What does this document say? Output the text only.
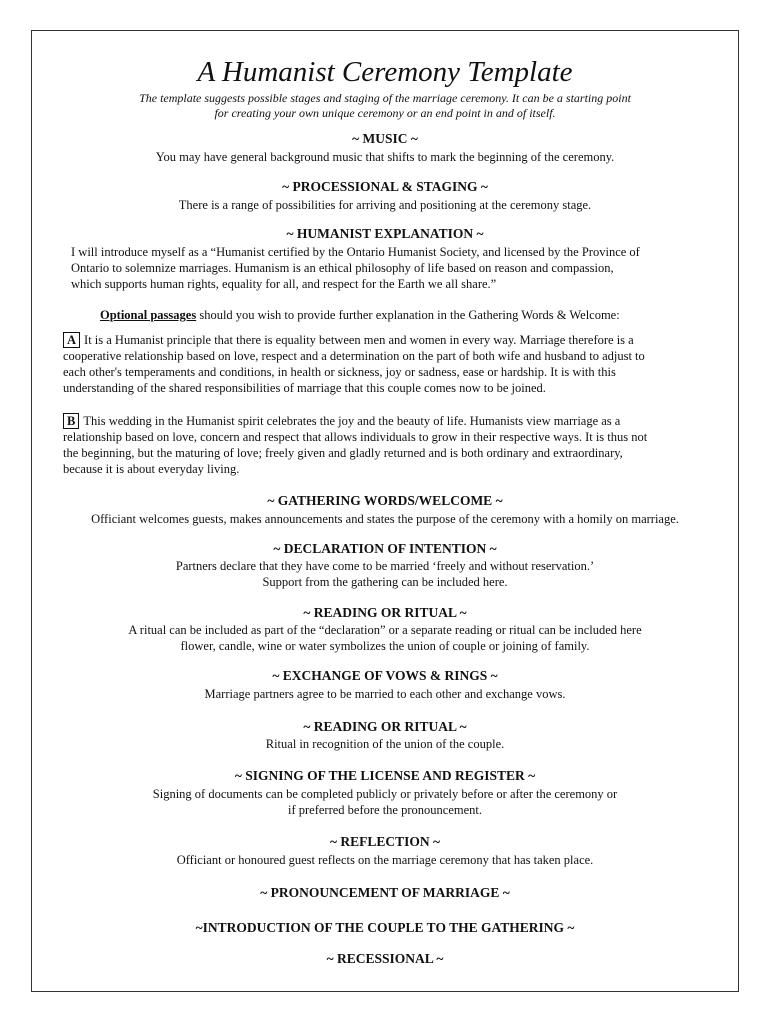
A Humanist Ceremony Template
The template suggests possible stages and staging of the marriage ceremony. It can be a starting point
for creating your own unique ceremony or an end point in and of itself.
~ MUSIC ~
You may have general background music that shifts to mark the beginning of the ceremony.
~ PROCESSIONAL & STAGING ~
There is a range of possibilities for arriving and positioning at the ceremony stage.
~ HUMANIST EXPLANATION ~
I will introduce myself as a “Humanist certified by the Ontario Humanist Society, and licensed by the Province of
Ontario to solemnize marriages. Humanism is an ethical philosophy of life based on reason and compassion,
which supports human rights, equality for all, and respect for the Earth we all share.”
Optional passages should you wish to provide further explanation in the Gathering Words & Welcome:
A It is a Humanist principle that there is equality between men and women in every way. Marriage therefore is a
cooperative relationship based on love, respect and a determination on the part of both wife and husband to adjust to
each other's temperaments and conditions, in health or sickness, joy or sadness, ease or hardship. It is with this
understanding of the shared responsibilities of marriage that this couple comes now to be joined.
B This wedding in the Humanist spirit celebrates the joy and the beauty of life. Humanists view marriage as a
relationship based on love, concern and respect that allows individuals to grow in their respective ways. It is thus not
the beginning, but the maturing of love; freely given and gladly returned and is both ordinary and extraordinary,
because it is about everyday living.
~ GATHERING WORDS/WELCOME ~
Officiant welcomes guests, makes announcements and states the purpose of the ceremony with a homily on marriage.
~ DECLARATION OF INTENTION ~
Partners declare that they have come to be married ‘freely and without reservation.’
Support from the gathering can be included here.
~ READING OR RITUAL ~
A ritual can be included as part of the “declaration” or a separate reading or ritual can be included here
flower, candle, wine or water symbolizes the union of couple or joining of family.
~ EXCHANGE OF VOWS & RINGS ~
Marriage partners agree to be married to each other and exchange vows.
~ READING OR RITUAL ~
Ritual in recognition of the union of the couple.
~ SIGNING OF THE LICENSE AND REGISTER ~
Signing of documents can be completed publicly or privately before or after the ceremony or
if preferred before the pronouncement.
~ REFLECTION ~
Officiant or honoured guest reflects on the marriage ceremony that has taken place.
~ PRONOUNCEMENT OF MARRIAGE ~
~INTRODUCTION OF THE COUPLE TO THE GATHERING ~
~ RECESSIONAL ~
